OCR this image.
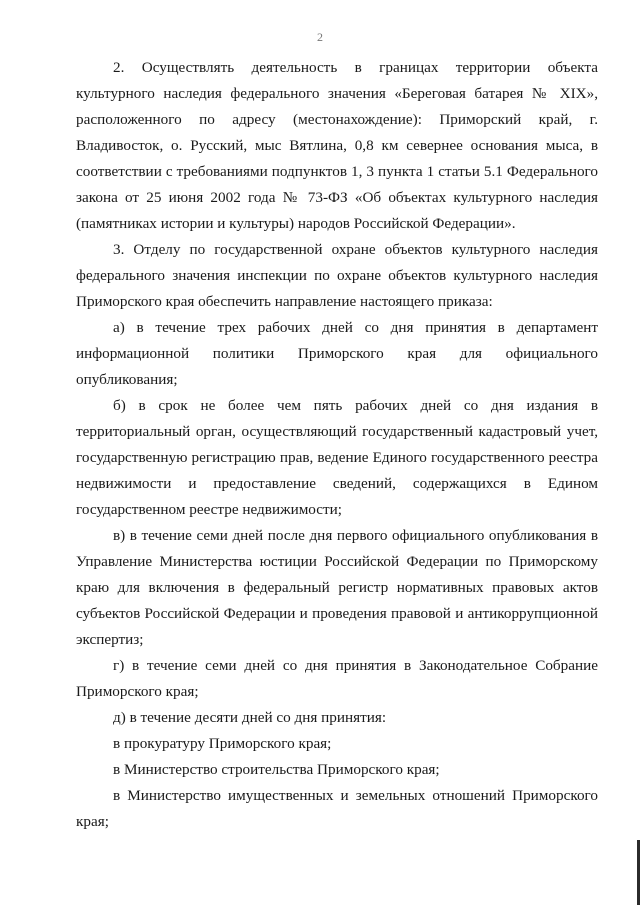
2

2. Осуществлять деятельность в границах территории объекта культурного наследия федерального значения «Береговая батарея № XIX», расположенного по адресу (местонахождение): Приморский край, г. Владивосток, о. Русский, мыс Вятлина, 0,8 км севернее основания мыса, в соответствии с требованиями подпунктов 1, 3 пункта 1 статьи 5.1 Федерального закона от 25 июня 2002 года № 73-ФЗ «Об объектах культурного наследия (памятниках истории и культуры) народов Российской Федерации».

3. Отделу по государственной охране объектов культурного наследия федерального значения инспекции по охране объектов культурного наследия Приморского края обеспечить направление настоящего приказа:

а) в течение трех рабочих дней со дня принятия в департамент информационной политики Приморского края для официального опубликования;

б) в срок не более чем пять рабочих дней со дня издания в территориальный орган, осуществляющий государственный кадастровый учет, государственную регистрацию прав, ведение Единого государственного реестра недвижимости и предоставление сведений, содержащихся в Едином государственном реестре недвижимости;

в) в течение семи дней после дня первого официального опубликования в Управление Министерства юстиции Российской Федерации по Приморскому краю для включения в федеральный регистр нормативных правовых актов субъектов Российской Федерации и проведения правовой и антикоррупционной экспертиз;

г) в течение семи дней со дня принятия в Законодательное Собрание Приморского края;

д) в течение десяти дней со дня принятия:

в прокуратуру Приморского края;

в Министерство строительства Приморского края;

в Министерство имущественных и земельных отношений Приморского края;
